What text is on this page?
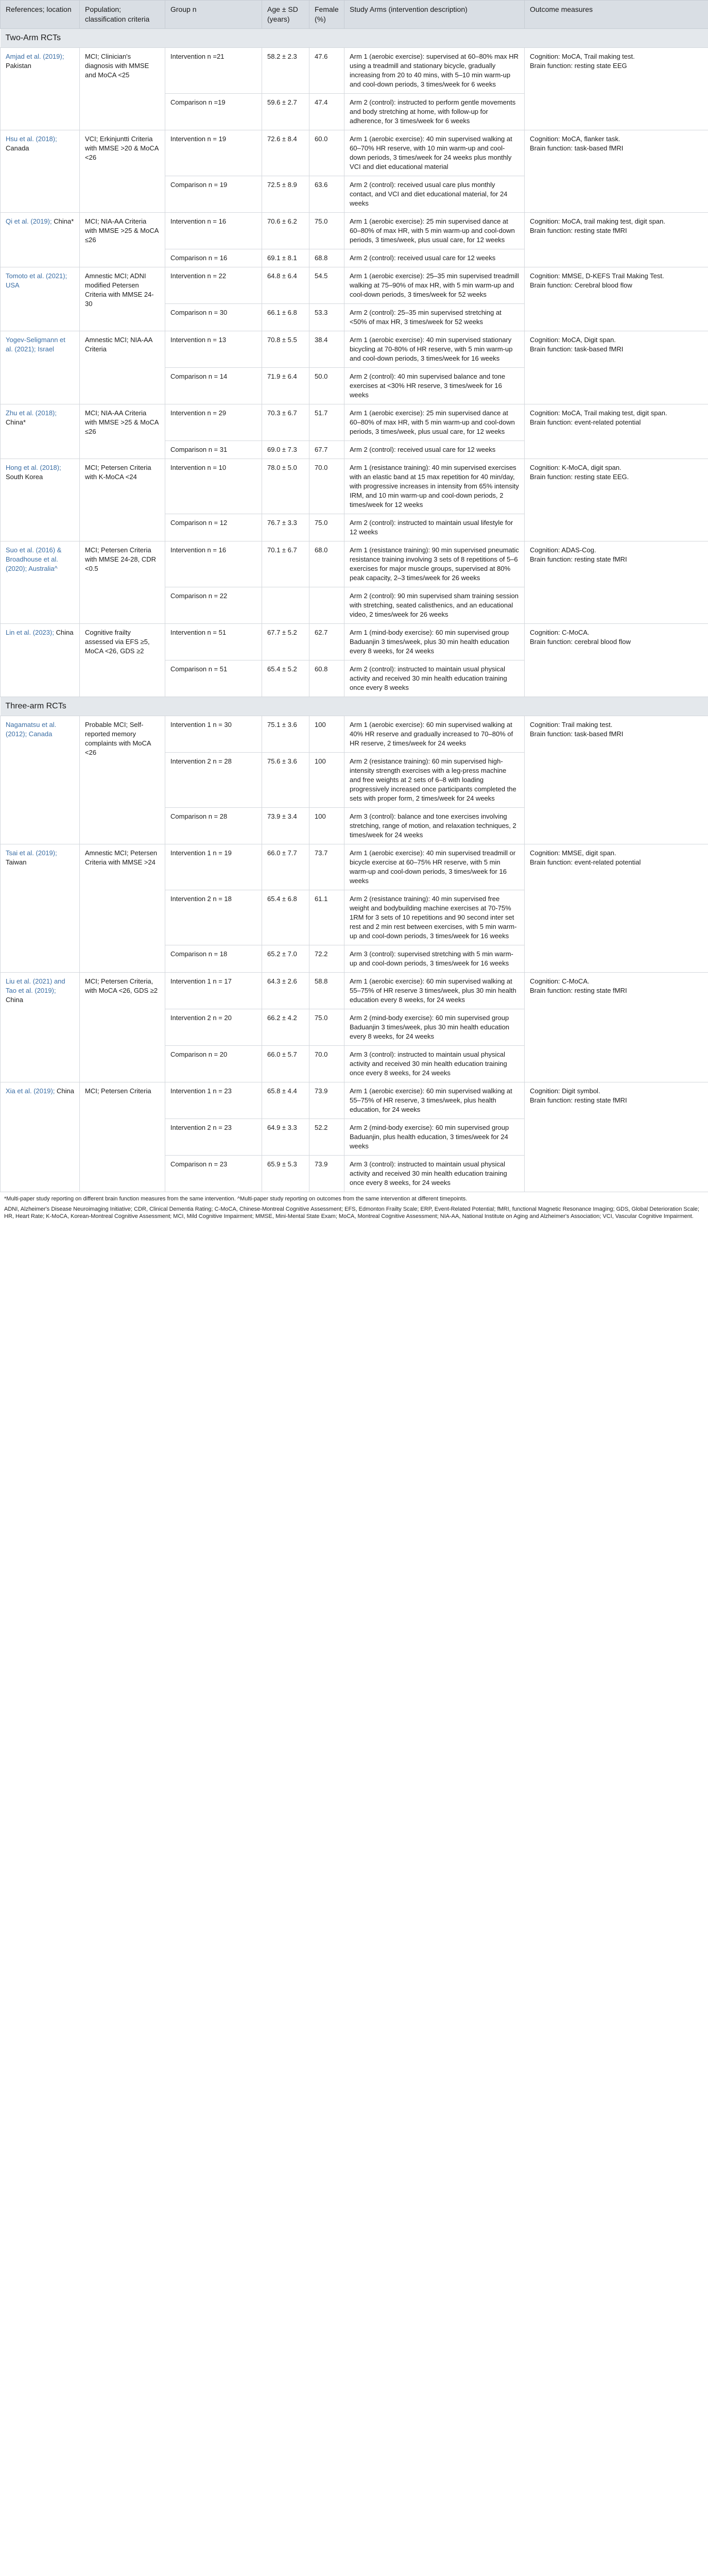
References; location	Population; classification criteria	Group n	Age ± SD (years)	Female (%)	Study Arms (intervention description)	Outcome measures
Two-Arm RCTs						
Amjad et al. (2019); Pakistan	MCI; Clinician's diagnosis with MMSE and MoCA <25	Intervention n =21	58.2 ± 2.3	47.6	Arm 1 (aerobic exercise): supervised at 60–80% max HR using a treadmill and stationary bicycle, gradually increasing from 20 to 40 mins, with 5–10 min warm-up and cool-down periods, 3 times/week for 6 weeks	Cognition: MoCA, Trail making test.
Brain function: resting state EEG
		Comparison n =19	59.6 ± 2.7	47.4	Arm 2 (control): instructed to perform gentle movements and body stretching at home, with follow-up for adherence, for 3 times/week for 6 weeks	
Hsu et al. (2018); Canada	VCI; Erkinjuntti Criteria with MMSE >20 & MoCA <26	Intervention n = 19	72.6 ± 8.4	60.0	Arm 1 (aerobic exercise): 40 min supervised walking at 60–70% HR reserve, with 10 min warm-up and cool-down periods, 3 times/week for 24 weeks plus monthly VCI and diet educational material	Cognition: MoCA, flanker task.
Brain function: task-based fMRI
		Comparison n = 19	72.5 ± 8.9	63.6	Arm 2 (control): received usual care plus monthly contact, and VCI and diet educational material, for 24 weeks	
Qi et al. (2019); China*	MCI; NIA-AA Criteria with MMSE >25 & MoCA ≤26	Intervention n = 16	70.6 ± 6.2	75.0	Arm 1 (aerobic exercise): 25 min supervised dance at 60–80% of max HR, with 5 min warm-up and cool-down periods, 3 times/week, plus usual care, for 12 weeks	Cognition: MoCA, trail making test, digit span.
Brain function: resting state fMRI
		Comparison n = 16	69.1 ± 8.1	68.8	Arm 2 (control): received usual care for 12 weeks	
Tomoto et al. (2021); USA	Amnestic MCI; ADNI modified Petersen Criteria with MMSE 24-30	Intervention n = 22	64.8 ± 6.4	54.5	Arm 1 (aerobic exercise): 25–35 min supervised treadmill walking at 75–90% of max HR, with 5 min warm-up and cool-down periods, 3 times/week for 52 weeks	Cognition: MMSE, D-KEFS Trail Making Test.
Brain function: Cerebral blood flow
		Comparison n = 30	66.1 ± 6.8	53.3	Arm 2 (control): 25–35 min supervised stretching at <50% of max HR, 3 times/week for 52 weeks	
Yogev-Seligmann et al. (2021); Israel	Amnestic MCI; NIA-AA Criteria	Intervention n = 13	70.8 ± 5.5	38.4	Arm 1 (aerobic exercise): 40 min supervised stationary bicycling at 70-80% of HR reserve, with 5 min warm-up and cool-down periods, 3 times/week for 16 weeks	Cognition: MoCA, Digit span.
Brain function: task-based fMRI
		Comparison n = 14	71.9 ± 6.4	50.0	Arm 2 (control): 40 min supervised balance and tone exercises at <30% HR reserve, 3 times/week for 16 weeks	
Zhu et al. (2018); China*	MCI; NIA-AA Criteria with MMSE >25 & MoCA ≤26	Intervention n = 29	70.3 ± 6.7	51.7	Arm 1 (aerobic exercise): 25 min supervised dance at 60–80% of max HR, with 5 min warm-up and cool-down periods, 3 times/week, plus usual care, for 12 weeks	Cognition: MoCA, Trail making test, digit span.
Brain function: event-related potential
		Comparison n = 31	69.0 ± 7.3	67.7	Arm 2 (control): received usual care for 12 weeks	
Hong et al. (2018); South Korea	MCI; Petersen Criteria with K-MoCA <24	Intervention n = 10	78.0 ± 5.0	70.0	Arm 1 (resistance training): 40 min supervised exercises with an elastic band at 15 max repetition for 40 min/day, with progressive increases in intensity from 65% intensity IRM, and 10 min warm-up and cool-down periods, 2 times/week for 12 weeks	Cognition: K-MoCA, digit span.
Brain function: resting state EEG.
		Comparison n = 12	76.7 ± 3.3	75.0	Arm 2 (control): instructed to maintain usual lifestyle for 12 weeks	
Suo et al. (2016) & Broadhouse et al. (2020); Australia^	MCI; Petersen Criteria with MMSE 24-28, CDR <0.5	Intervention n = 16	70.1 ± 6.7	68.0	Arm 1 (resistance training): 90 min supervised pneumatic resistance training involving 3 sets of 8 repetitions of 5–6 exercises for major muscle groups, supervised at 80% peak capacity, 2–3 times/week for 26 weeks	Cognition: ADAS-Cog.
Brain function: resting state fMRI
		Comparison n = 22			Arm 2 (control): 90 min supervised sham training session with stretching, seated calisthenics, and an educational video, 2 times/week for 26 weeks	
Lin et al. (2023); China	Cognitive frailty assessed via EFS ≥5, MoCA <26, GDS ≥2	Intervention n = 51	67.7 ± 5.2	62.7	Arm 1 (mind-body exercise): 60 min supervised group Baduanjin 3 times/week, plus 30 min health education every 8 weeks, for 24 weeks	Cognition: C-MoCA.
Brain function: cerebral blood flow
		Comparison n = 51	65.4 ± 5.2	60.8	Arm 2 (control): instructed to maintain usual physical activity and received 30 min health education training once every 8 weeks	
Three-arm RCTs						
Nagamatsu et al. (2012); Canada	Probable MCI; Self-reported memory complaints with MoCA <26	Intervention 1 n = 30	75.1 ± 3.6	100	Arm 1 (aerobic exercise): 60 min supervised walking at 40% HR reserve and gradually increased to 70–80% of HR reserve, 2 times/week for 24 weeks	Cognition: Trail making test.
Brain function: task-based fMRI
		Intervention 2 n = 28	75.6 ± 3.6	100	Arm 2 (resistance training): 60 min supervised high-intensity strength exercises with a leg-press machine and free weights at 2 sets of 6–8 with loading progressively increased once participants completed the sets with proper form, 2 times/week for 24 weeks	
		Comparison n = 28	73.9 ± 3.4	100	Arm 3 (control): balance and tone exercises involving stretching, range of motion, and relaxation techniques, 2 times/week for 24 weeks	
Tsai et al. (2019); Taiwan	Amnestic MCI; Petersen Criteria with MMSE >24	Intervention 1 n = 19	66.0 ± 7.7	73.7	Arm 1 (aerobic exercise): 40 min supervised treadmill or bicycle exercise at 60–75% HR reserve, with 5 min warm-up and cool-down periods, 3 times/week for 16 weeks	Cognition: MMSE, digit span.
Brain function: event-related potential
		Intervention 2 n = 18	65.4 ± 6.8	61.1	Arm 2 (resistance training): 40 min supervised free weight and bodybuilding machine exercises at 70-75% 1RM for 3 sets of 10 repetitions and 90 second inter set rest and 2 min rest between exercises, with 5 min warm-up and cool-down periods, 3 times/week for 16 weeks	
		Comparison n = 18	65.2 ± 7.0	72.2	Arm 3 (control): supervised stretching with 5 min warm-up and cool-down periods, 3 times/week for 16 weeks	
Liu et al. (2021) and Tao et al. (2019); China	MCI; Petersen Criteria, with MoCA <26, GDS ≥2	Intervention 1 n = 17	64.3 ± 2.6	58.8	Arm 1 (aerobic exercise): 60 min supervised walking at 55–75% of HR reserve 3 times/week, plus 30 min health education every 8 weeks, for 24 weeks	Cognition: C-MoCA.
Brain function: resting state fMRI
		Intervention 2 n = 20	66.2 ± 4.2	75.0	Arm 2 (mind-body exercise): 60 min supervised group Baduanjin 3 times/week, plus 30 min health education every 8 weeks, for 24 weeks	
		Comparison n = 20	66.0 ± 5.7	70.0	Arm 3 (control): instructed to maintain usual physical activity and received 30 min health education training once every 8 weeks, for 24 weeks	
Xia et al. (2019); China	MCI; Petersen Criteria	Intervention 1 n = 23	65.8 ± 4.4	73.9	Arm 1 (aerobic exercise): 60 min supervised walking at 55–75% of HR reserve, 3 times/week, plus health education, for 24 weeks	Cognition: Digit symbol.
Brain function: resting state fMRI
		Intervention 2 n = 23	64.9 ± 3.3	52.2	Arm 2 (mind-body exercise): 60 min supervised group Baduanjin, plus health education, 3 times/week for 24 weeks	
		Comparison n = 23	65.9 ± 5.3	73.9	Arm 3 (control): instructed to maintain usual physical activity and received 30 min health education training once every 8 weeks, for 24 weeks	
*Multi-paper study reporting on different brain function measures from the same intervention. ^Multi-paper study reporting on outcomes from the same intervention at different timepoints.
ADNI, Alzheimer's Disease Neuroimaging Initiative; CDR, Clinical Dementia Rating; C-MoCA, Chinese-Montreal Cognitive Assessment; EFS, Edmonton Frailty Scale; ERP, Event-Related Potential; fMRI, functional Magnetic Resonance Imaging; GDS, Global Deterioration Scale; HR, Heart Rate; K-MoCA, Korean-Montreal Cognitive Assessment; MCI, Mild Cognitive Impairment; MMSE, Mini-Mental State Exam; MoCA, Montreal Cognitive Assessment; NIA-AA, National Institute on Aging and Alzheimer's Association; VCI, Vascular Cognitive Impairment.
